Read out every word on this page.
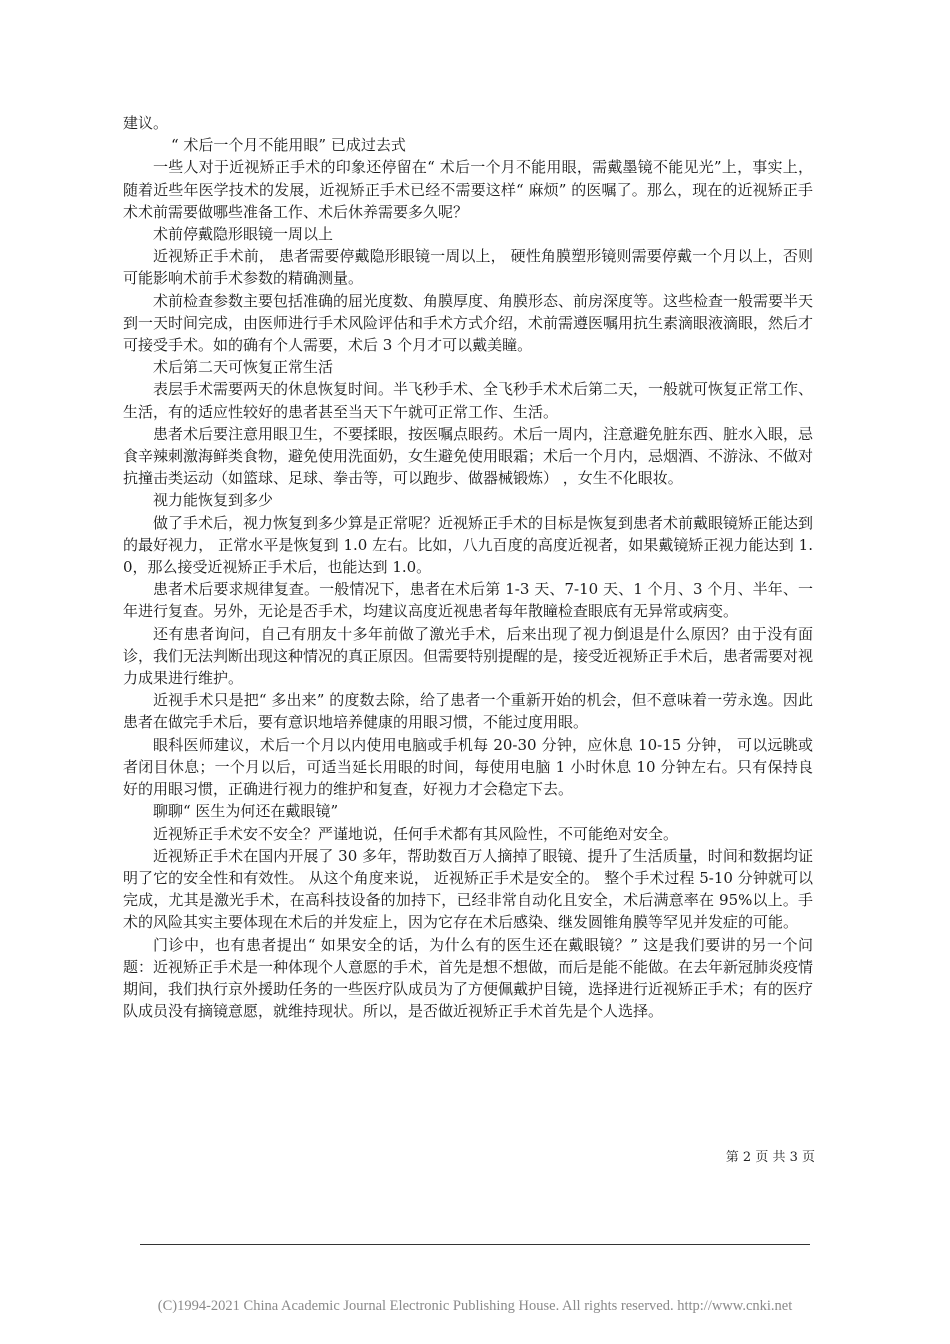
建议。

“ 术后一个月不能用眼” 已成过去式

一些人对于近视矫正手术的印象还停留在“ 术后一个月不能用眼，需戴墨镜不能见光”上，事实上，随着近些年医学技术的发展，近视矫正手术已经不需要这样“ 麻烦” 的医嘱了。那么，现在的近视矫正手术术前需要做哪些准备工作、术后休养需要多久呢？

术前停戴隐形眼镜一周以上

近视矫正手术前， 患者需要停戴隐形眼镜一周以上， 硬性角膜塑形镜则需要停戴一个月以上，否则可能影响术前手术参数的精确测量。

术前检查参数主要包括准确的屈光度数、角膜厚度、角膜形态、前房深度等。这些检查一般需要半天到一天时间完成，由医师进行手术风险评估和手术方式介绍，术前需遵医嘱用抗生素滴眼液滴眼，然后才可接受手术。如的确有个人需要，术后 3 个月才可以戴美瞳。

术后第二天可恢复正常生活

表层手术需要两天的休息恢复时间。半飞秒手术、全飞秒手术术后第二天，一般就可恢复正常工作、生活，有的适应性较好的患者甚至当天下午就可正常工作、生活。

患者术后要注意用眼卫生，不要揉眼，按医嘱点眼药。术后一周内，注意避免脏东西、脏水入眼，忌食辛辣刺激海鲜类食物，避免使用洗面奶，女生避免使用眼霜；术后一个月内，忌烟酒、不游泳、不做对抗撞击类运动（如篮球、足球、拳击等，可以跑步、做器械锻炼） ，女生不化眼妆。

视力能恢复到多少

做了手术后，视力恢复到多少算是正常呢？近视矫正手术的目标是恢复到患者术前戴眼镜矫正能达到的最好视力， 正常水平是恢复到 1.0 左右。比如，八九百度的高度近视者，如果戴镜矫正视力能达到 1.0，那么接受近视矫正手术后，也能达到 1.0。

患者术后要求规律复查。一般情况下，患者在术后第 1-3 天、7-10 天、1 个月、3 个月、半年、一年进行复查。另外，无论是否手术，均建议高度近视患者每年散瞳检查眼底有无异常或病变。

还有患者询问，自己有朋友十多年前做了激光手术，后来出现了视力倒退是什么原因？由于没有面诊，我们无法判断出现这种情况的真正原因。但需要特别提醒的是，接受近视矫正手术后，患者需要对视力成果进行维护。

近视手术只是把“ 多出来” 的度数去除，给了患者一个重新开始的机会，但不意味着一劳永逸。因此患者在做完手术后，要有意识地培养健康的用眼习惯，不能过度用眼。

眼科医师建议，术后一个月以内使用电脑或手机每 20-30 分钟，应休息 10-15 分钟， 可以远眺或者闭目休息；一个月以后，可适当延长用眼的时间，每使用电脑 1 小时休息 10 分钟左右。只有保持良好的用眼习惯，正确进行视力的维护和复查，好视力才会稳定下去。

聊聊“ 医生为何还在戴眼镜”

近视矫正手术安不安全？严谨地说，任何手术都有其风险性，不可能绝对安全。

近视矫正手术在国内开展了 30 多年，帮助数百万人摘掉了眼镜、提升了生活质量，时间和数据均证明了它的安全性和有效性。 从这个角度来说， 近视矫正手术是安全的。 整个手术过程 5-10 分钟就可以完成，尤其是激光手术，在高科技设备的加持下，已经非常自动化且安全，术后满意率在 95%以上。手术的风险其实主要体现在术后的并发症上，因为它存在术后感染、继发圆锥角膜等罕见并发症的可能。

门诊中，也有患者提出“ 如果安全的话，为什么有的医生还在戴眼镜？” 这是我们要讲的另一个问题：近视矫正手术是一种体现个人意愿的手术，首先是想不想做，而后是能不能做。在去年新冠肺炎疫情期间，我们执行京外援助任务的一些医疗队成员为了方便佩戴护目镜，选择进行近视矫正手术；有的医疗队成员没有摘镜意愿，就维持现状。所以，是否做近视矫正手术首先是个人选择。

第 2 页 共 3 页
(C)1994-2021 China Academic Journal Electronic Publishing House. All rights reserved. http://www.cnki.net
